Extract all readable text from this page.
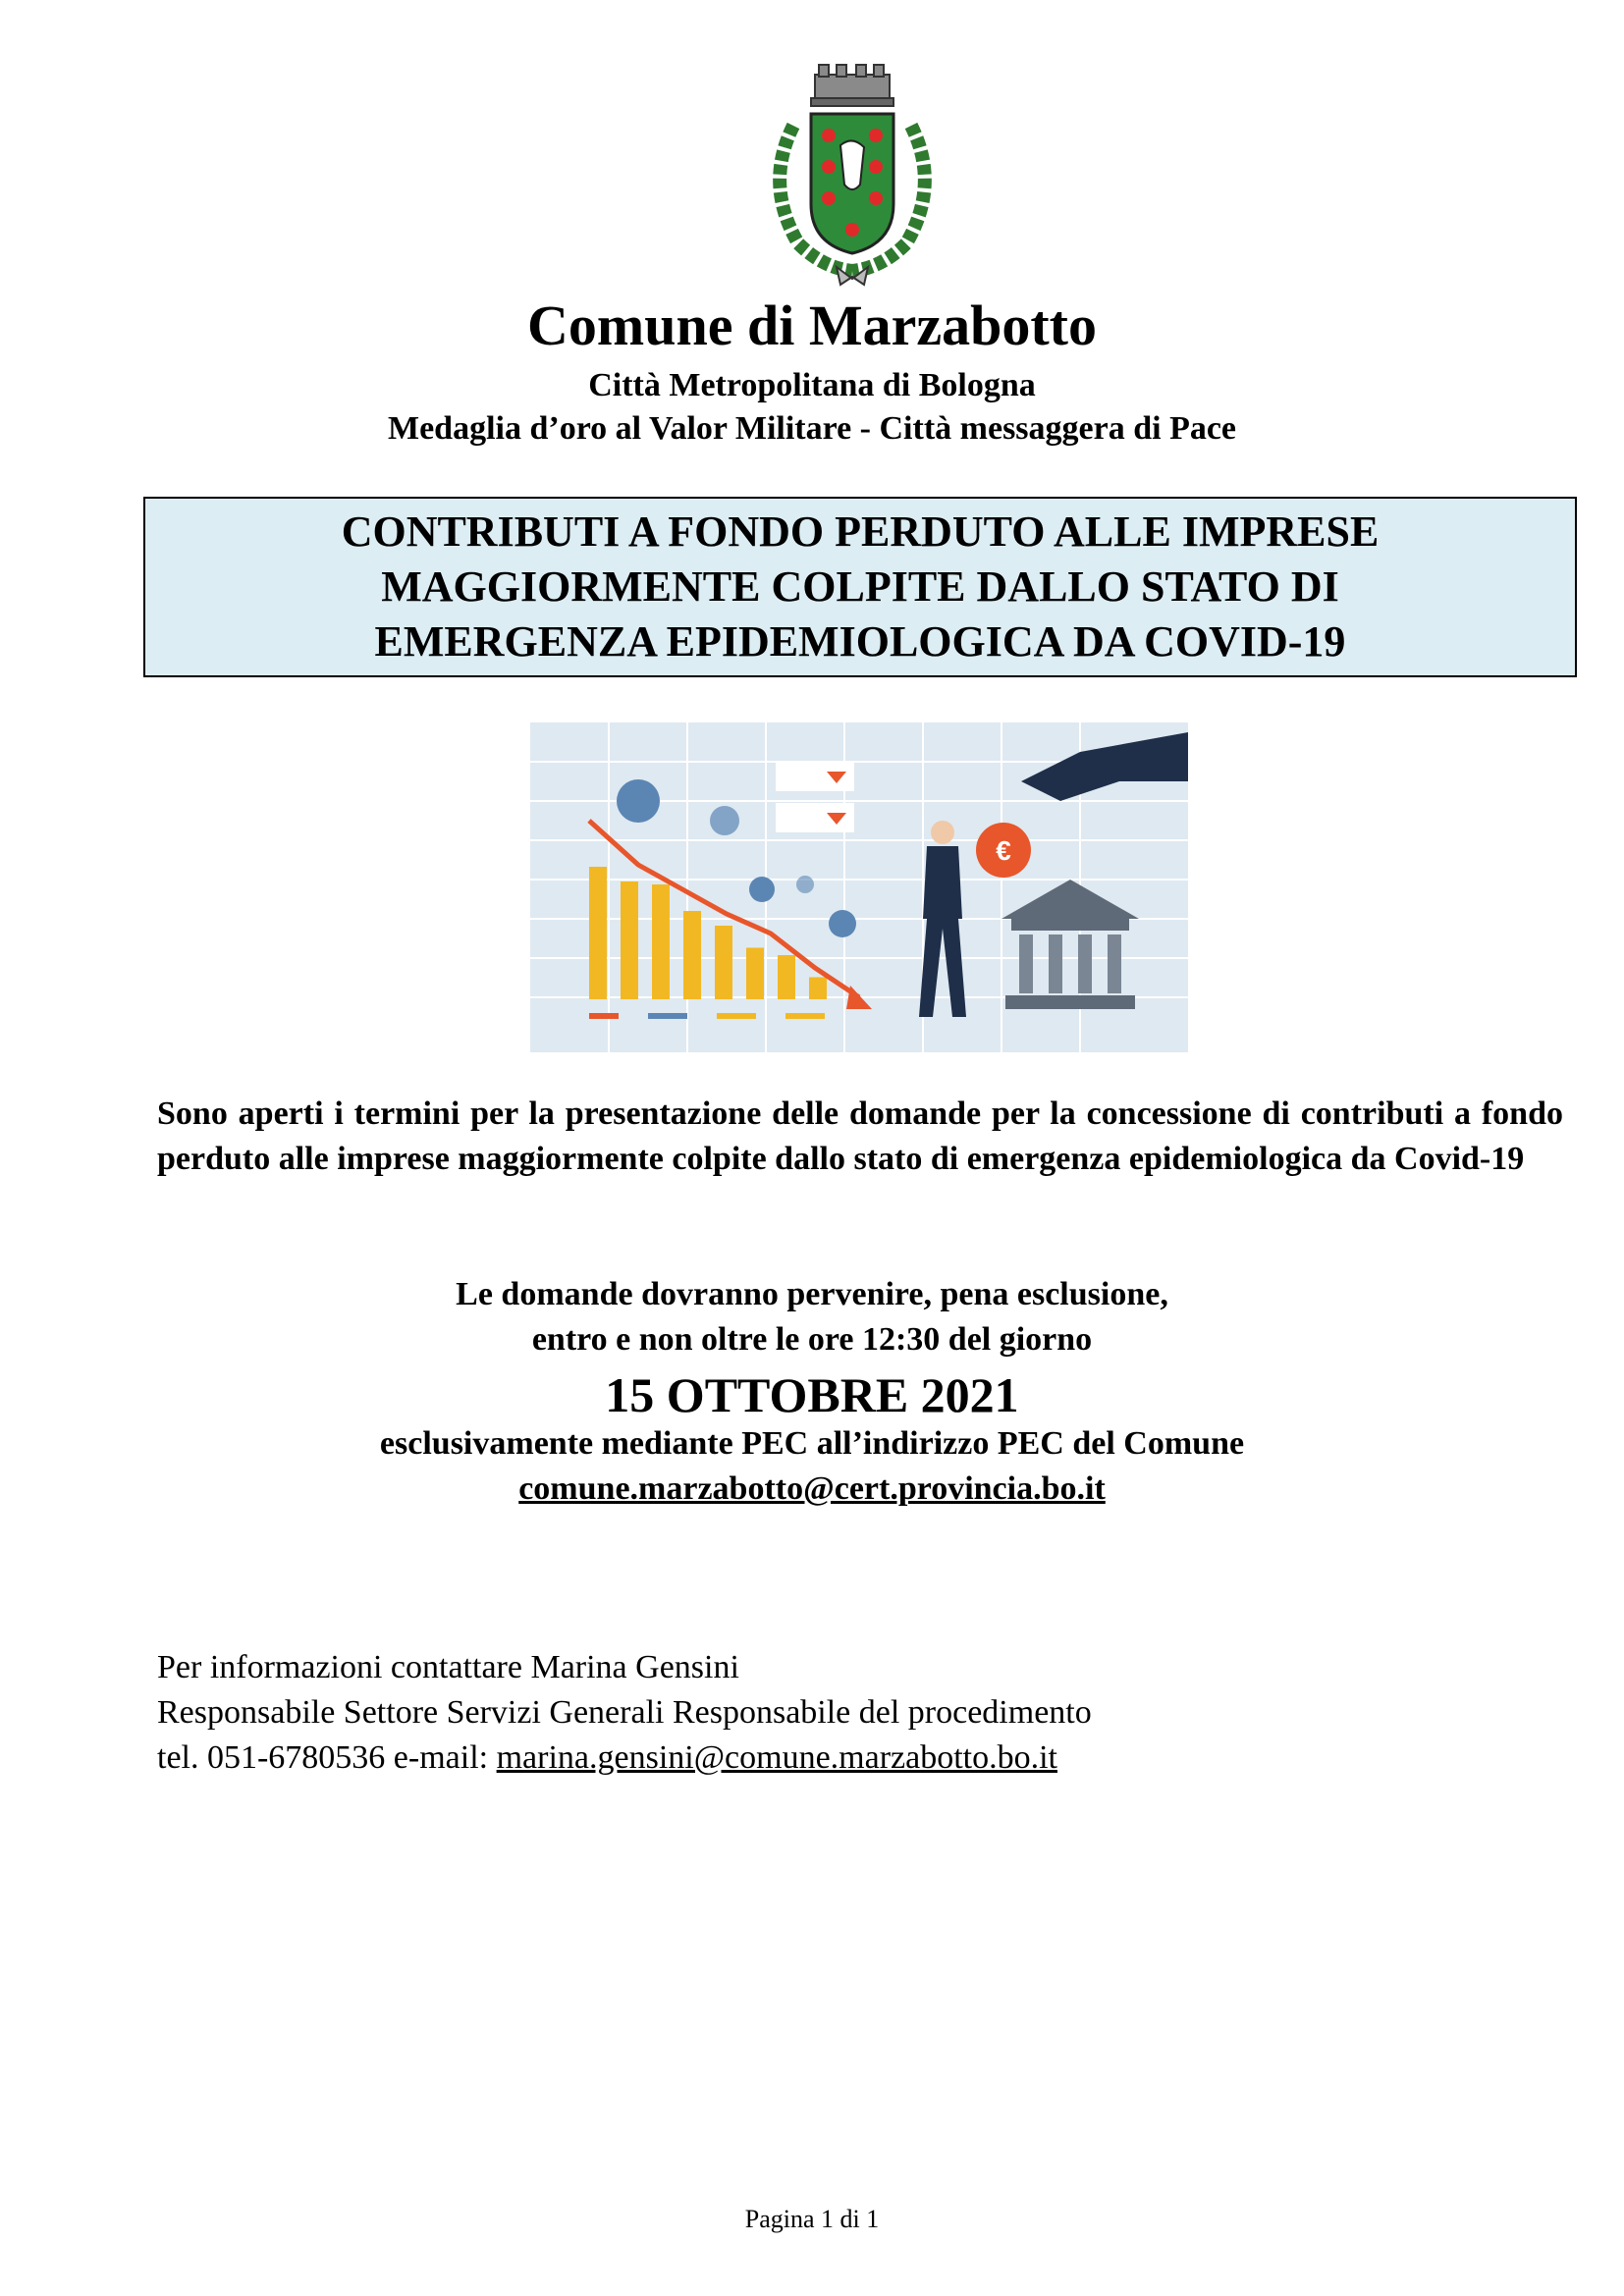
Comune di Marzabotto
Città Metropolitana di Bologna
Medaglia d’oro al Valor Militare - Città messaggera di Pace
CONTRIBUTI A FONDO PERDUTO ALLE IMPRESE
MAGGIORMENTE COLPITE DALLO STATO DI
EMERGENZA EPIDEMIOLOGICA DA COVID-19
€
Sono aperti i termini per la presentazione delle domande per la concessione di contributi a fondo perduto alle imprese maggiormente colpite dallo stato di emergenza epidemiologica da Covid-19
Le domande dovranno pervenire, pena esclusione,
entro e non oltre le ore 12:30 del giorno
15 OTTOBRE 2021
esclusivamente mediante PEC all’indirizzo PEC del Comune
comune.marzabotto@cert.provincia.bo.it
Per informazioni contattare Marina Gensini
Responsabile Settore Servizi Generali Responsabile del procedimento
tel. 051-6780536 e-mail: marina.gensini@comune.marzabotto.bo.it
Pagina 1 di 1
